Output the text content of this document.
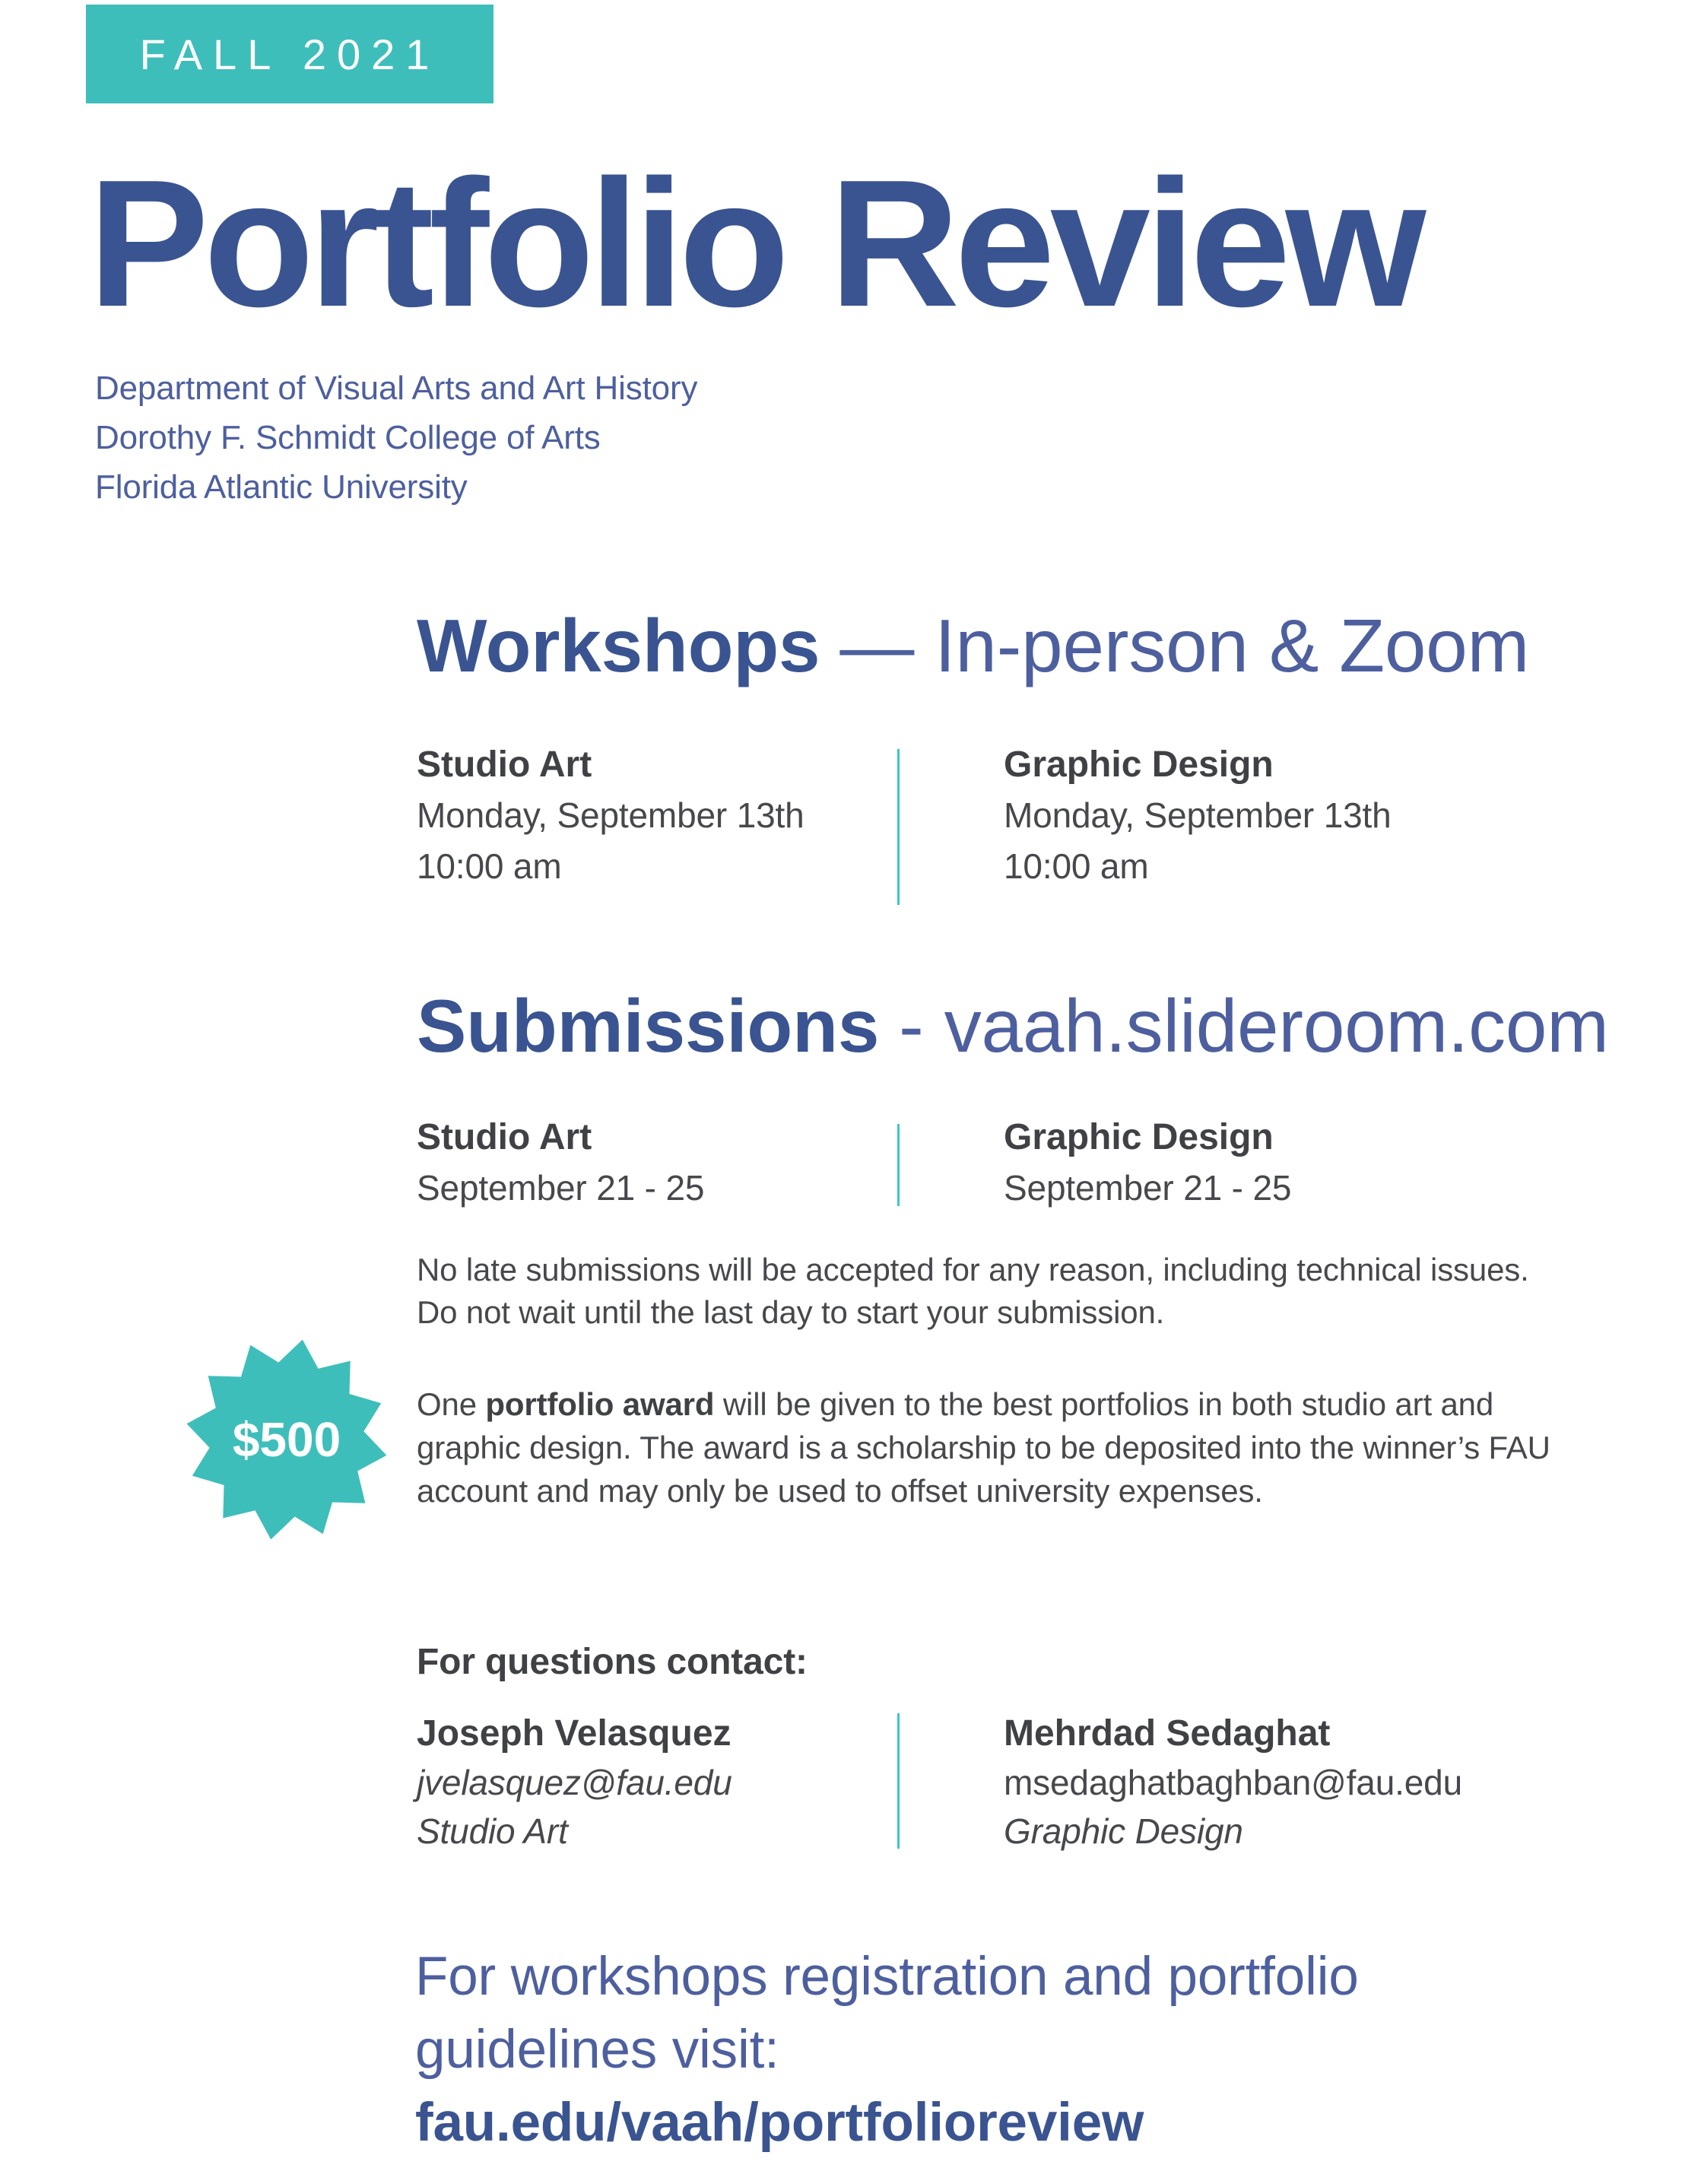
FALL 2021
Portfolio Review
Department of Visual Arts and Art History
Dorothy F. Schmidt College of Arts
Florida Atlantic University
Workshops — In-person & Zoom
Studio Art
Monday, September 13th
10:00 am
Graphic Design
Monday, September 13th
10:00 am
Submissions - vaah.slideroom.com
Studio Art
September 21 - 25
Graphic Design
September 21 - 25
No late submissions will be accepted for any reason, including technical issues.
Do not wait until the last day to start your submission.
$500
One portfolio award will be given to the best portfolios in both studio art and
graphic design. The award is a scholarship to be deposited into the winner’s FAU
account and may only be used to offset university expenses.
For questions contact:
Joseph Velasquez
jvelasquez@fau.edu
Studio Art
Mehrdad Sedaghat
msedaghatbaghban@fau.edu
Graphic Design
For workshops registration and portfolio
guidelines visit:
fau.edu/vaah/portfolioreview
